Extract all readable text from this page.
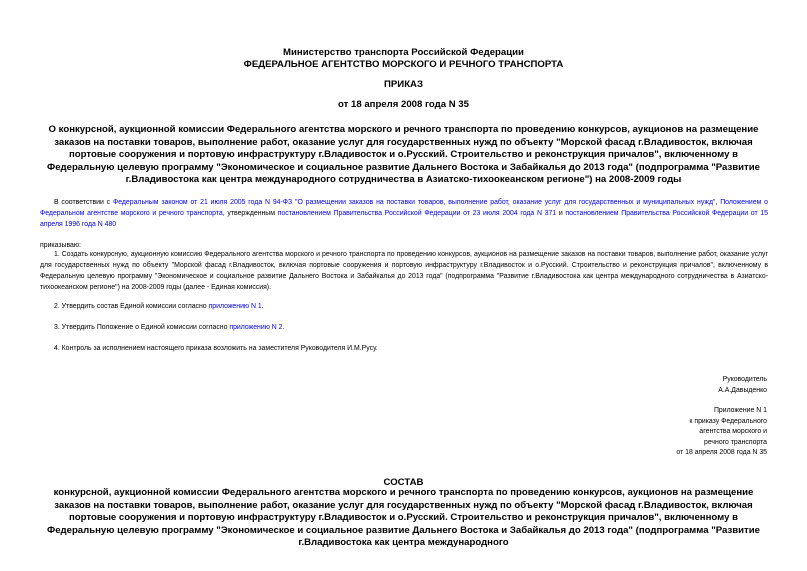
Министерство транспорта Российской Федерации
ФЕДЕРАЛЬНОЕ АГЕНТСТВО МОРСКОГО И РЕЧНОГО ТРАНСПОРТА
ПРИКАЗ
от 18 апреля 2008 года N 35
О конкурсной, аукционной комиссии Федерального агентства морского и речного транспорта по проведению конкурсов, аукционов на размещение заказов на поставки товаров, выполнение работ, оказание услуг для государственных нужд по объекту "Морской фасад г.Владивосток, включая портовые сооружения и портовую инфраструктуру г.Владивосток и о.Русский. Строительство и реконструкция причалов", включенному в Федеральную целевую программу "Экономическое и социальное развитие Дальнего Востока и Забайкалья до 2013 года" (подпрограмма "Развитие г.Владивостока как центра международного сотрудничества в Азиатско-тихоокеанском регионе") на 2008-2009 годы
В соответствии с Федеральным законом от 21 июля 2005 года N 94-ФЗ "О размещении заказов на поставки товаров, выполнение работ, оказание услуг для государственных и муниципальных нужд", Положением о Федеральном агентстве морского и речного транспорта, утвержденным постановлением Правительства Российской Федерации от 23 июля 2004 года N 371 и постановлением Правительства Российской Федерации от 15 апреля 1996 года N 480
приказываю:
1. Создать конкурсную, аукционную комиссию Федерального агентства морского и речного транспорта по проведению конкурсов, аукционов на размещение заказов на поставки товаров, выполнение работ, оказание услуг для государственных нужд по объекту "Морской фасад г.Владивосток, включая портовые сооружения и портовую инфраструктуру г.Владивосток и о.Русский. Строительство и реконструкция причалов", включенному в Федеральную целевую программу "Экономическое и социальное развитие Дальнего Востока и Забайкалья до 2013 года" (подпрограмма "Развитие г.Владивостока как центра международного сотрудничества в Азиатско-тихоокеанском регионе") на 2008-2009 годы (далее - Единая комиссия).
2. Утвердить состав Единой комиссии согласно приложению N 1.
3. Утвердить Положение о Единой комиссии согласно приложению N 2.
4. Контроль за исполнением настоящего приказа возложить на заместителя Руководителя И.М.Русу.
Руководитель
А.А.Давыденко
Приложение N 1
к приказу Федерального
агентства морского и
речного транспорта
от 18 апреля 2008 года N 35
СОСТАВ
конкурсной, аукционной комиссии Федерального агентства морского и речного транспорта по проведению конкурсов, аукционов на размещение заказов на поставки товаров, выполнение работ, оказание услуг для государственных нужд по объекту "Морской фасад г.Владивосток, включая портовые сооружения и портовую инфраструктуру г.Владивосток и о.Русский. Строительство и реконструкция причалов", включенному в Федеральную целевую программу "Экономическое и социальное развитие Дальнего Востока и Забайкалья до 2013 года" (подпрограмма "Развитие г.Владивостока как центра международного
